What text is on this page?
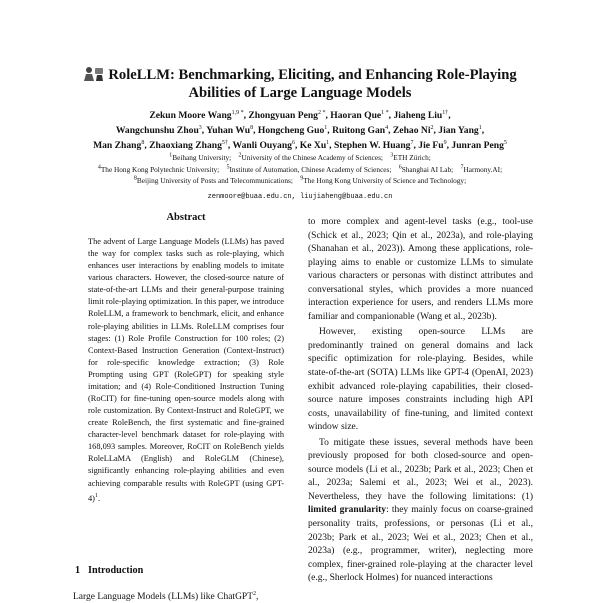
RoleLLM: Benchmarking, Eliciting, and Enhancing Role-Playing
Abilities of Large Language Models
Zekun Moore Wang$^{1,9 *}$, Zhongyuan Peng$^{2 *}$, Haoran Que$^{1 *}$, Jiaheng Liu$^{1\dagger}$,
Wangchunshu Zhou$^3$, Yuhan Wu$^8$, Hongcheng Guo$^1$, Ruitong Gan$^4$, Zehao Ni$^2$, Jian Yang$^1$,
Man Zhang$^8$, Zhaoxiang Zhang$^{5\dagger}$, Wanli Ouyang$^6$, Ke Xu$^1$, Stephen W. Huang$^7$, Jie Fu$^9$, Junran Peng$^5$
$^1$Beihang University;  $^2$University of the Chinese Academy of Sciences;  $^3$ETH Zürich;
$^4$The Hong Kong Polytechnic University;  $^5$Institute of Automation, Chinese Academy of Sciences;  $^6$Shanghai AI Lab;  $^7$Harmony.AI;
$^8$Beijing University of Posts and Telecommunications;  $^9$The Hong Kong University of Science and Technology;
zenmoore@buaa.edu.cn, liujiaheng@buaa.edu.cn
Abstract
The advent of Large Language Models (LLMs) has paved the way for complex tasks such as role-playing, which enhances user interactions by enabling models to imitate various characters. However, the closed-source nature of state-of-the-art LLMs and their general-purpose training limit role-playing optimization. In this paper, we introduce RoleLLM, a framework to benchmark, elicit, and enhance role-playing abilities in LLMs. RoleLLM comprises four stages: (1) Role Profile Construction for 100 roles; (2) Context-Based Instruction Generation (Context-Instruct) for role-specific knowledge extraction; (3) Role Prompting using GPT (RoleGPT) for speaking style imitation; and (4) Role-Conditioned Instruction Tuning (RoCIT) for fine-tuning open-source models along with role customization. By Context-Instruct and RoleGPT, we create RoleBench, the first systematic and fine-grained character-level benchmark dataset for role-playing with 168,093 samples. Moreover, RoCIT on RoleBench yields RoleLLaMA (English) and RoleGLM (Chinese), significantly enhancing role-playing abilities and even achieving comparable results with RoleGPT (using GPT-4)$^1$.
1 Introduction
Large Language Models (LLMs) like ChatGPT$^2$,

to more complex and agent-level tasks (e.g., tool-use (Schick et al., 2023; Qin et al., 2023a), and role-playing (Shanahan et al., 2023)). Among these applications, role-playing aims to enable or customize LLMs to simulate various characters or personas with distinct attributes and conversational styles, which provides a more nuanced interaction experience for users, and renders LLMs more familiar and companionable (Wang et al., 2023b).

However, existing open-source LLMs are predominantly trained on general domains and lack specific optimization for role-playing. Besides, while state-of-the-art (SOTA) LLMs like GPT-4 (OpenAI, 2023) exhibit advanced role-playing capabilities, their closed-source nature imposes constraints including high API costs, unavailability of fine-tuning, and limited context window size.

To mitigate these issues, several methods have been previously proposed for both closed-source and open-source models (Li et al., 2023b; Park et al., 2023; Chen et al., 2023a; Salemi et al., 2023; Wei et al., 2023). Nevertheless, they have the following limitations: (1) limited granularity: they mainly focus on coarse-grained personality traits, professions, or personas (Li et al., 2023b; Park et al., 2023; Wei et al., 2023; Chen et al., 2023a) (e.g., programmer, writer), neglecting more complex, finer-grained role-playing at the character level (e.g., Sherlock Holmes) for nuanced interactions
